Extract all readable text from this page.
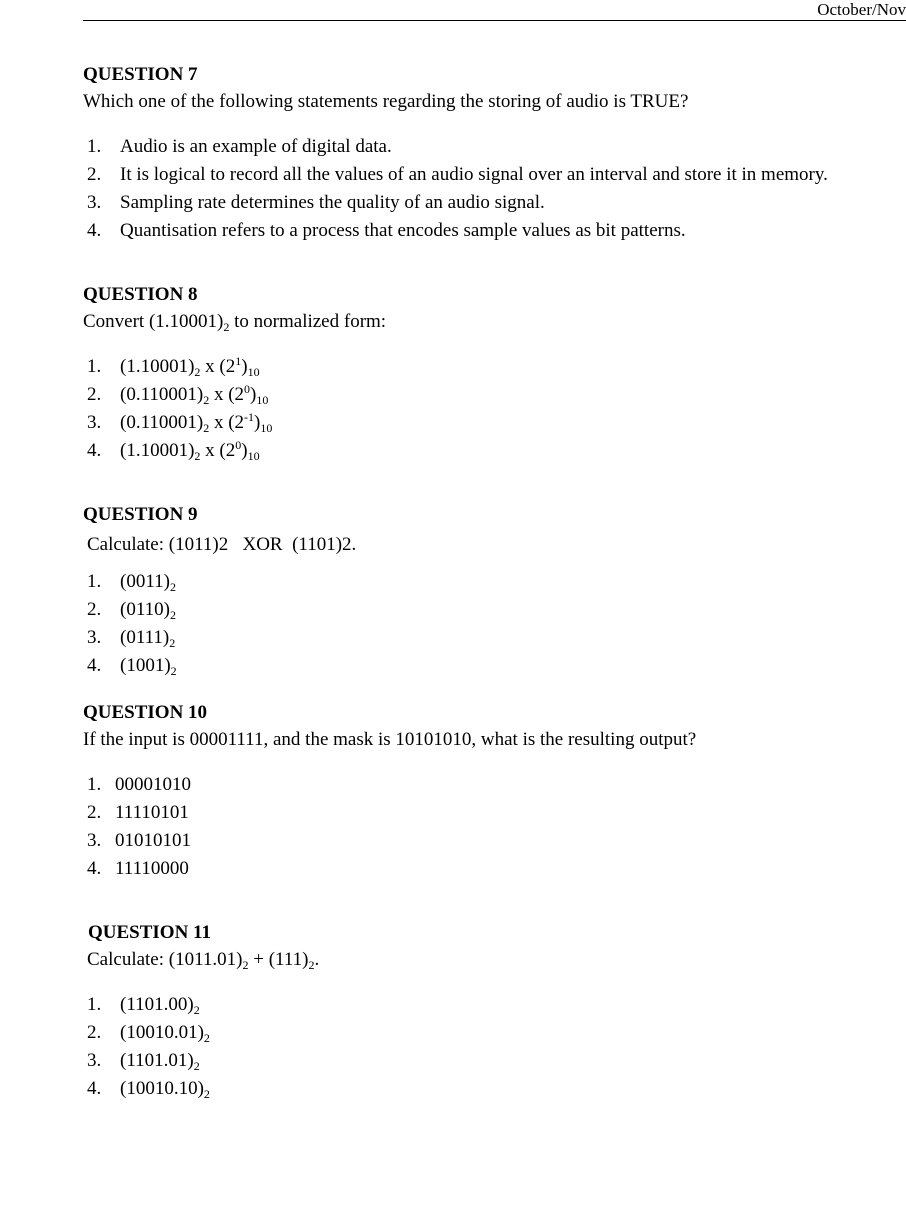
October/Nov
QUESTION 7
Which one of the following statements regarding the storing of audio is TRUE?
1. Audio is an example of digital data.
2. It is logical to record all the values of an audio signal over an interval and store it in memory.
3. Sampling rate determines the quality of an audio signal.
4. Quantisation refers to a process that encodes sample values as bit patterns.
QUESTION 8
Convert $(1.10001)_2$ to normalized form:
1. $(1.10001)_2$ x $(2^1)_{10}$
2. $(0.110001)_2$ x $(2^0)_{10}$
3. $(0.110001)_2$ x $(2^{-1})_{10}$
4. $(1.10001)_2$ x $(2^0)_{10}$
QUESTION 9
Calculate: (1011)2   XOR  (1101)2.
1. $(0011)_2$
2. $(0110)_2$
3. $(0111)_2$
4. $(1001)_2$
QUESTION 10
If the input is 00001111, and the mask is 10101010, what is the resulting output?
1. 00001010
2. 11110101
3. 01010101
4. 11110000
QUESTION 11
Calculate: $(1011.01)_2 + (111)_2$.
1. $(1101.00)_2$
2. $(10010.01)_2$
3. $(1101.01)_2$
4. $(10010.10)_2$
